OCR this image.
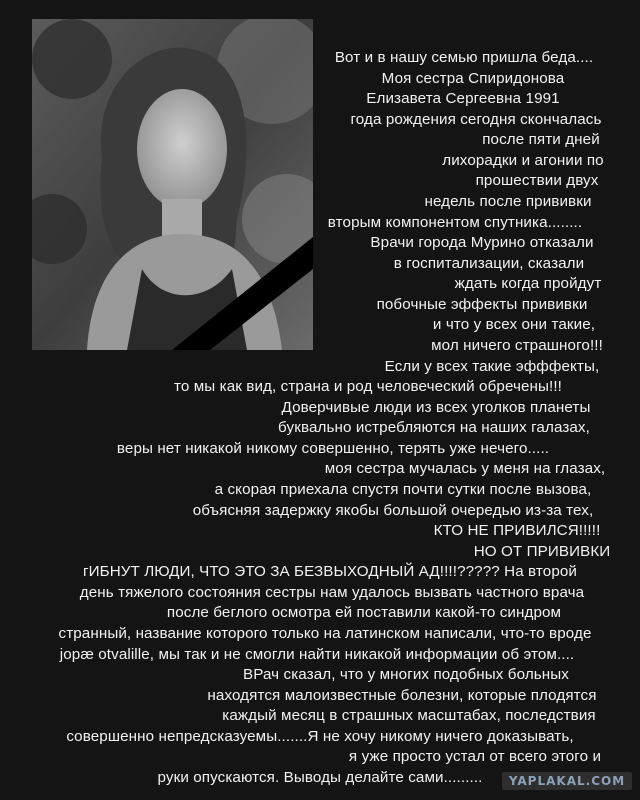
Вот и в нашу семью пришла беда....
Моя сестра Спиридонова
Елизавета Сергеевна 1991
года рождения сегодня скончалась
после пяти дней
лихорадки и агонии по
прошествии двух
недель после прививки
вторым компонентом спутника........
Врачи города Мурино отказали
в госпитализации, сказали
ждать когда пройдут
побочные эффекты прививки
и что у всех они такие,
мол ничего страшного!!!
Если у всех такие эфффекты,
то мы как вид, страна и род человеческий обречены!!!
Доверчивые люди из всех уголков планеты
буквально истребляются на наших галазах,
веры нет никакой никому совершенно, терять уже нечего.....
моя сестра мучалась у меня на глазах,
а скорая приехала спустя почти сутки после вызова,
объясняя задержку якобы большой очередью из-за тех,
КТО НЕ ПРИВИЛСЯ!!!!!
НО ОТ ПРИВИВКИ
гИБНУТ ЛЮДИ, ЧТО ЭТО ЗА БЕЗВЫХОДНЫЙ АД!!!!????? На второй
день тяжелого состояния сестры нам удалось вызвать частного врача
после беглого осмотра ей поставили какой-то синдром
странный, название которого только на латинском написали, что-то вроде
jopæ otvalille, мы так и не смогли найти никакой информации об этом....
ВРач сказал, что у многих подобных больных
находятся малоизвестные болезни, которые плодятся
каждый месяц в страшных масштабах, последствия
совершенно непредсказуемы.......Я не хочу никому ничего доказывать,
я уже просто устал от всего этого и
руки опускаются. Выводы делайте сами.........	YAPLAKAL.COM
